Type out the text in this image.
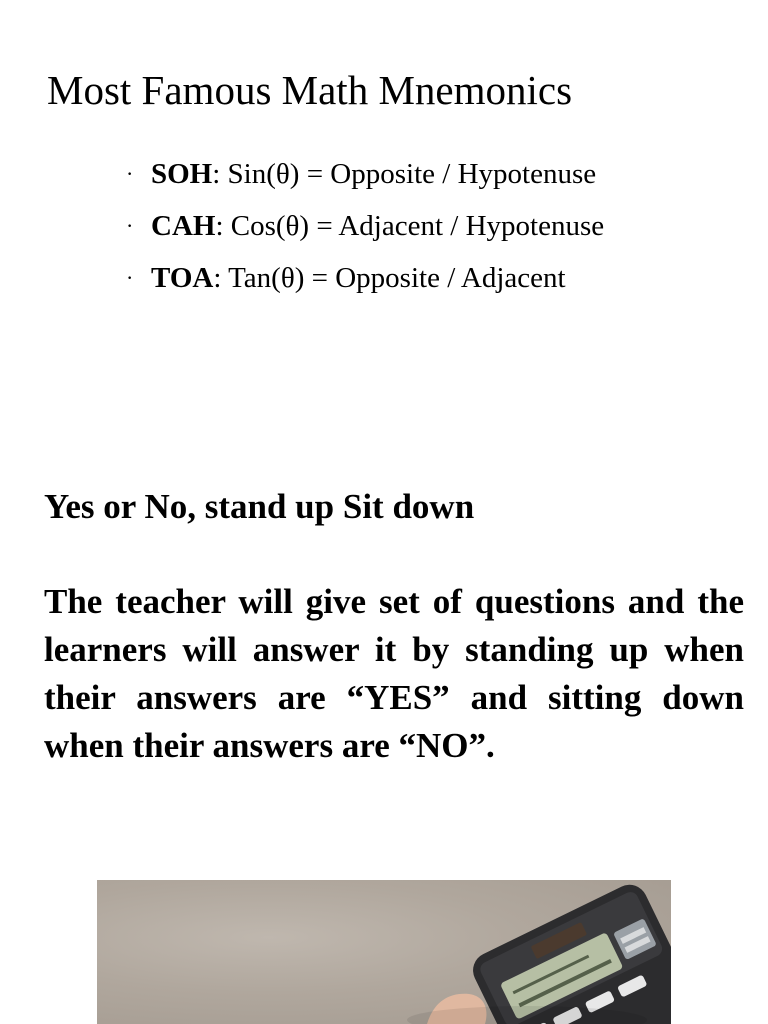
Most Famous Math Mnemonics
· SOH: Sin(θ) = Opposite / Hypotenuse
· CAH: Cos(θ) = Adjacent / Hypotenuse
· TOA: Tan(θ) = Opposite / Adjacent
Yes or No, stand up Sit down

The teacher will give set of questions and the learners will answer it by standing up when their answers are “YES” and sitting down when their answers are “NO”.
